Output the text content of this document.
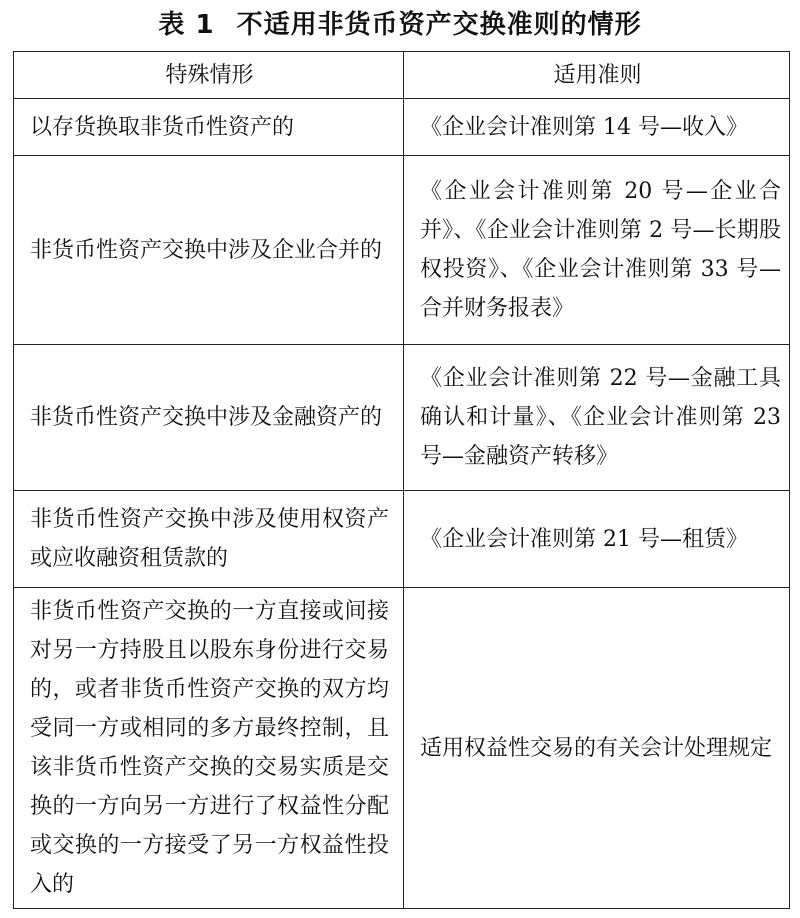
表 1 不适用非货币资产交换准则的情形
特殊情形	适用准则
以存货换取非货币性资产的	《企业会计准则第 14 号—收入》
非货币性资产交换中涉及企业合并的	《企业会计准则第 20 号—企业合并》、《企业会计准则第 2 号—长期股权投资》、《企业会计准则第 33 号—合并财务报表》
非货币性资产交换中涉及金融资产的	《企业会计准则第 22 号—金融工具确认和计量》、《企业会计准则第 23 号—金融资产转移》
非货币性资产交换中涉及使用权资产或应收融资租赁款的	《企业会计准则第 21 号—租赁》
非货币性资产交换的一方直接或间接对另一方持股且以股东身份进行交易的，或者非货币性资产交换的双方均受同一方或相同的多方最终控制，且该非货币性资产交换的交易实质是交换的一方向另一方进行了权益性分配或交换的一方接受了另一方权益性投入的	适用权益性交易的有关会计处理规定
